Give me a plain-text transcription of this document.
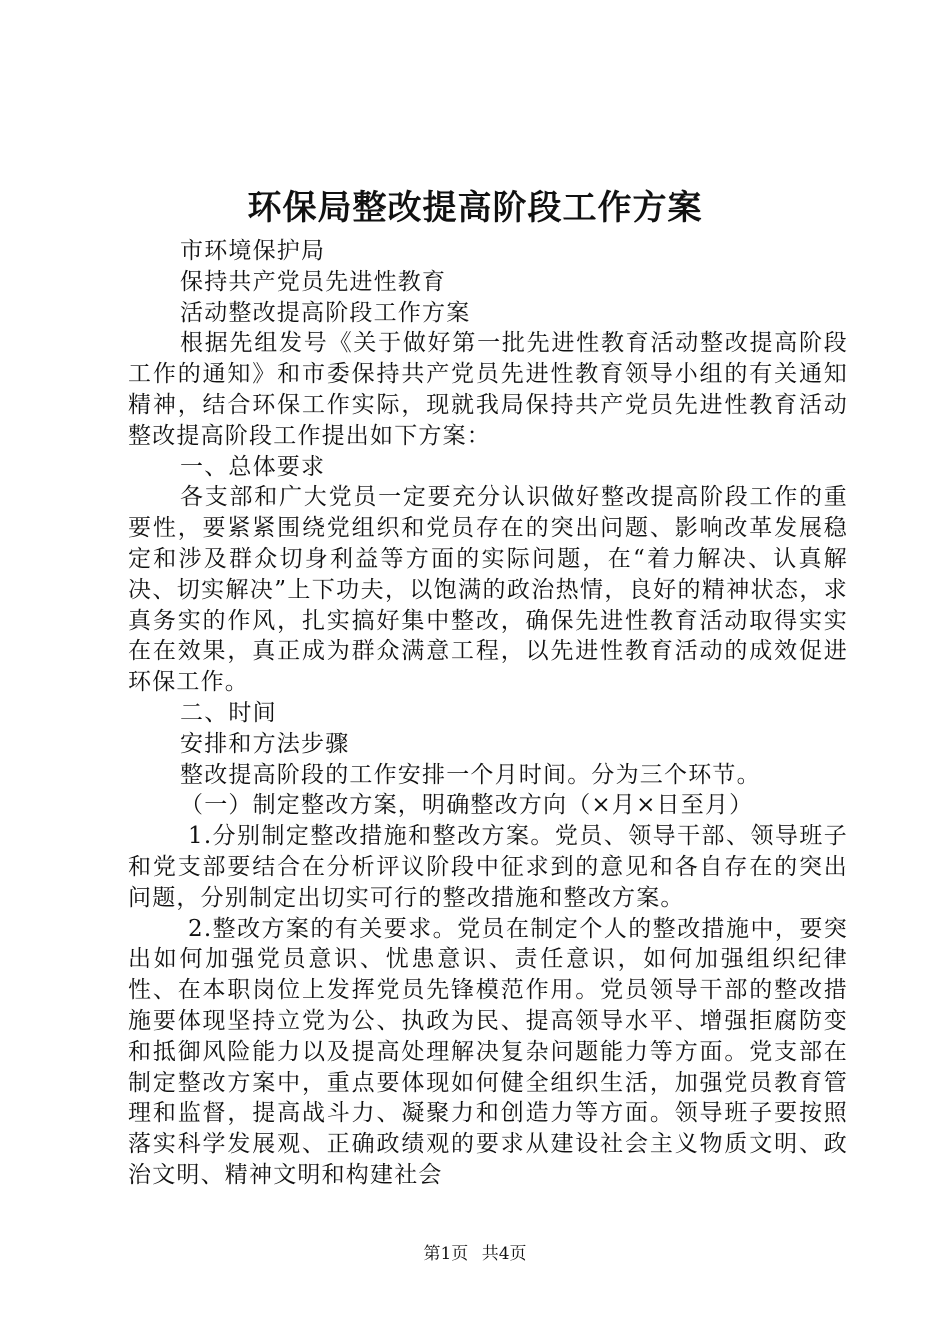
环保局整改提高阶段工作方案

市环境保护局

保持共产党员先进性教育

活动整改提高阶段工作方案

根据先组发号《关于做好第一批先进性教育活动整改提高阶段工作的通知》和市委保持共产党员先进性教育领导小组的有关通知精神，结合环保工作实际，现就我局保持共产党员先进性教育活动整改提高阶段工作提出如下方案：

一、总体要求

各支部和广大党员一定要充分认识做好整改提高阶段工作的重要性，要紧紧围绕党组织和党员存在的突出问题、影响改革发展稳定和涉及群众切身利益等方面的实际问题，在“着力解决、认真解决、切实解决”上下功夫，以饱满的政治热情，良好的精神状态，求真务实的作风，扎实搞好集中整改，确保先进性教育活动取得实实在在效果，真正成为群众满意工程，以先进性教育活动的成效促进环保工作。

二、时间

安排和方法步骤

整改提高阶段的工作安排一个月时间。分为三个环节。

（一）制定整改方案，明确整改方向（×月×日至月）

1.分别制定整改措施和整改方案。党员、领导干部、领导班子和党支部要结合在分析评议阶段中征求到的意见和各自存在的突出问题，分别制定出切实可行的整改措施和整改方案。

2.整改方案的有关要求。党员在制定个人的整改措施中，要突出如何加强党员意识、忧患意识、责任意识，如何加强组织纪律性、在本职岗位上发挥党员先锋模范作用。党员领导干部的整改措施要体现坚持立党为公、执政为民、提高领导水平、增强拒腐防变和抵御风险能力以及提高处理解决复杂问题能力等方面。党支部在制定整改方案中，重点要体现如何健全组织生活，加强党员教育管理和监督，提高战斗力、凝聚力和创造力等方面。领导班子要按照落实科学发展观、正确政绩观的要求从建设社会主义物质文明、政治文明、精神文明和构建社会

第1页 共4页
